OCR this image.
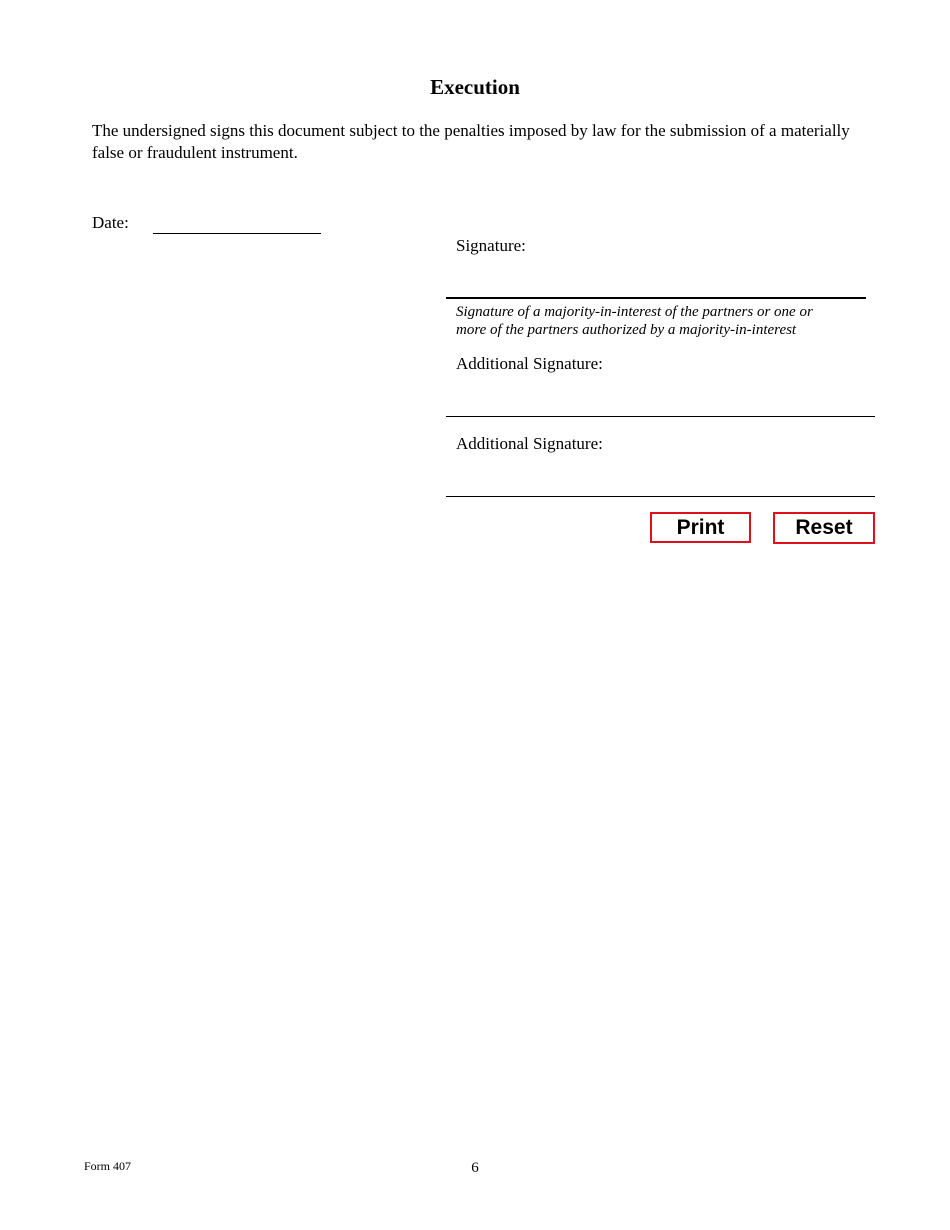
Execution

The undersigned signs this document subject to the penalties imposed by law for the submission of a materially false or fraudulent instrument.

Date:
Signature:
Signature of a majority-in-interest of the partners or one or
more of the partners authorized by a majority-in-interest
Additional Signature:
Additional Signature:
Print	Reset
Form 407	6
